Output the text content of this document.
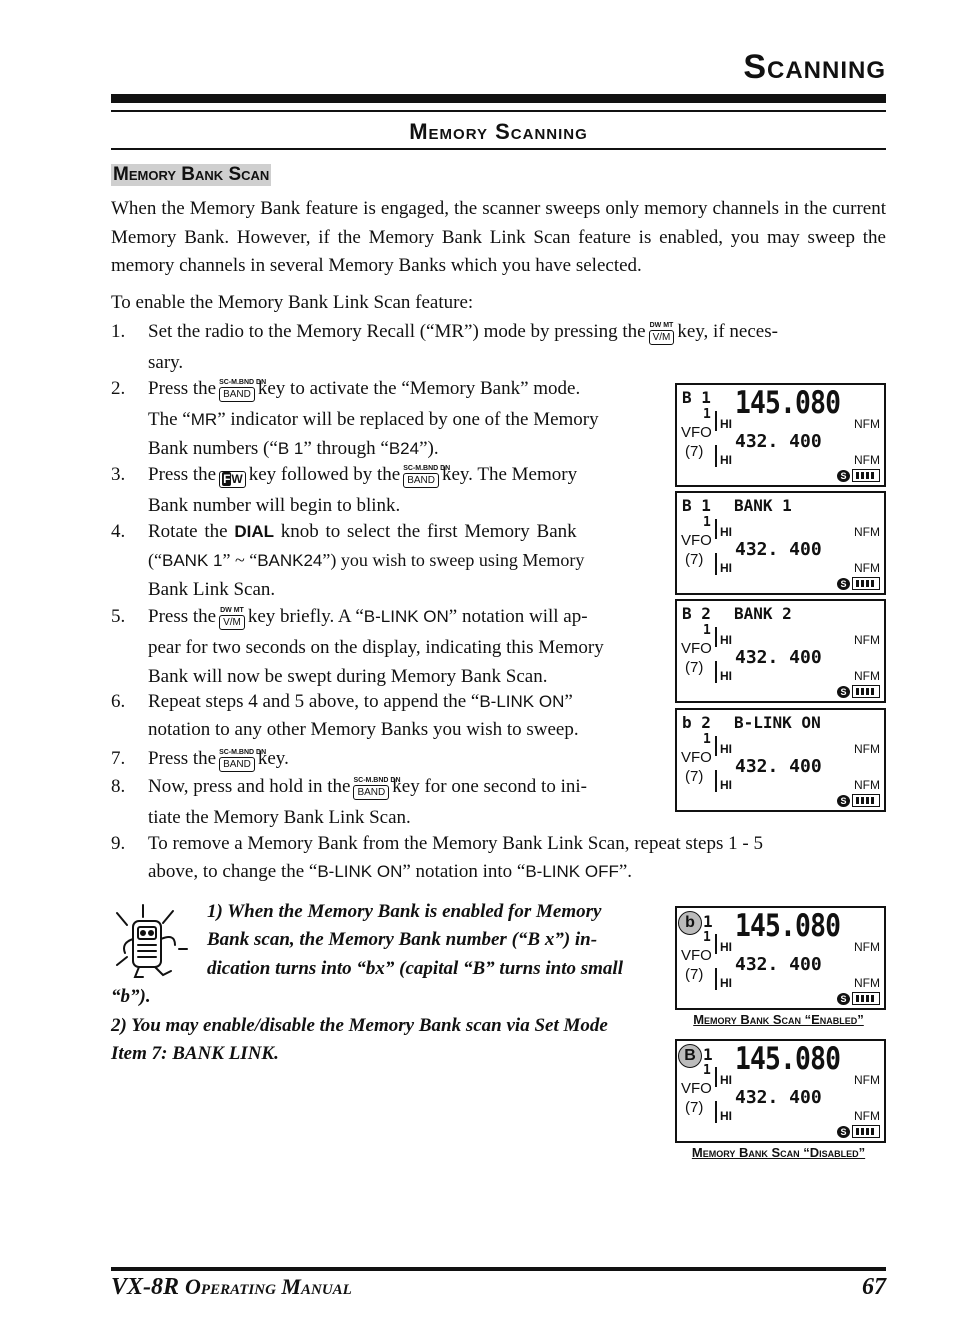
Scanning
Memory Scanning
Memory Bank Scan
When the Memory Bank feature is engaged, the scanner sweeps only memory channels in the current Memory Bank. However, if the Memory Bank Link Scan feature is enabled, you may sweep the memory channels in several Memory Banks which you have selected.
To enable the Memory Bank Link Scan feature:
1. Set the radio to the Memory Recall (“MR”) mode by pressing the DW MT
V/M key, if neces-
sary.
2. Press the SC-M.BND DN
BAND key to activate the “Memory Bank” mode.
The “MR” indicator will be replaced by one of the Memory
Bank numbers (“B 1” through “B24”).
3. Press the FW key followed by the SC-M.BND DN
BAND key. The Memory
Bank number will begin to blink.
4. Rotate the DIAL knob to select the first Memory Bank
(“BANK 1” ~ “BANK24”) you wish to sweep using Memory
Bank Link Scan.
5. Press the DW MT
V/M key briefly. A “B-LINK ON” notation will ap-
pear for two seconds on the display, indicating this Memory
Bank will now be swept during Memory Bank Scan.
6. Repeat steps 4 and 5 above, to append the “B-LINK ON”
notation to any other Memory Banks you wish to sweep.
7. Press the SC-M.BND DN
BAND key.
8. Now, press and hold in the SC-M.BND DN
BAND key for one second to ini-
tiate the Memory Bank Link Scan.
9. To remove a Memory Bank from the Memory Bank Link Scan, repeat steps 1 - 5
above, to change the “B-LINK ON” notation into “B-LINK OFF”.
B 1 145.080
1
HI	NFM
VFO 432. 400
(7) HI	NFM
S
B 1 BANK 1
1
HI	NFM
VFO 432. 400
(7) HI	NFM
S
B 2 BANK 2
1
HI	NFM
VFO 432. 400
(7) HI	NFM
S
b 2 B-LINK ON
1
HI	NFM
VFO 432. 400
(7) HI	NFM
S
1) When the Memory Bank is enabled for Memory
Bank scan, the Memory Bank number (“B x”) in-
dication turns into “bx” (capital “B” turns into small
“b”).
2) You may enable/disable the Memory Bank scan via Set Mode
Item 7: BANK LINK.
b 1 145.080
1
HI	NFM
VFO 432. 400
(7) HI	NFM
S
Memory Bank Scan “Enabled”
B 1 145.080
1
HI	NFM
VFO 432. 400
(7) HI	NFM
S
Memory Bank Scan “Disabled”
VX-8R Operating Manual	67
